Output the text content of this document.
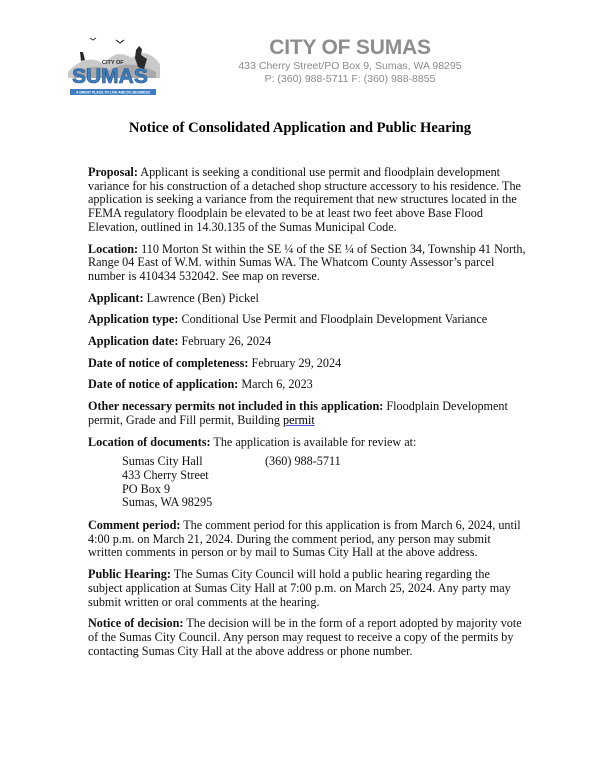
CITY OF
SUMAS
A GREAT PLACE TO LIVE AND DO BUSINESS
CITY OF SUMAS
433 Cherry Street/PO Box 9, Sumas, WA 98295
P: (360) 988-5711 F: (360) 988-8855
Notice of Consolidated Application and Public Hearing

Proposal: Applicant is seeking a conditional use permit and floodplain development variance for his construction of a detached shop structure accessory to his residence. The application is seeking a variance from the requirement that new structures located in the FEMA regulatory floodplain be elevated to be at least two feet above Base Flood Elevation, outlined in 14.30.135 of the Sumas Municipal Code.

Location: 110 Morton St within the SE ¼ of the SE ¼ of Section 34, Township 41 North, Range 04 East of W.M. within Sumas WA. The Whatcom County Assessor’s parcel number is 410434 532042. See map on reverse.

Applicant: Lawrence (Ben) Pickel

Application type: Conditional Use Permit and Floodplain Development Variance

Application date: February 26, 2024

Date of notice of completeness: February 29, 2024

Date of notice of application: March 6, 2023

Other necessary permits not included in this application: Floodplain Development permit, Grade and Fill permit, Building permit

Location of documents: The application is available for review at:

Sumas City Hall	(360) 988-5711
433 Cherry Street
PO Box 9
Sumas, WA 98295

Comment period: The comment period for this application is from March 6, 2024, until 4:00 p.m. on March 21, 2024. During the comment period, any person may submit written comments in person or by mail to Sumas City Hall at the above address.

Public Hearing: The Sumas City Council will hold a public hearing regarding the subject application at Sumas City Hall at 7:00 p.m. on March 25, 2024. Any party may submit written or oral comments at the hearing.

Notice of decision: The decision will be in the form of a report adopted by majority vote of the Sumas City Council. Any person may request to receive a copy of the permits by contacting Sumas City Hall at the above address or phone number.
